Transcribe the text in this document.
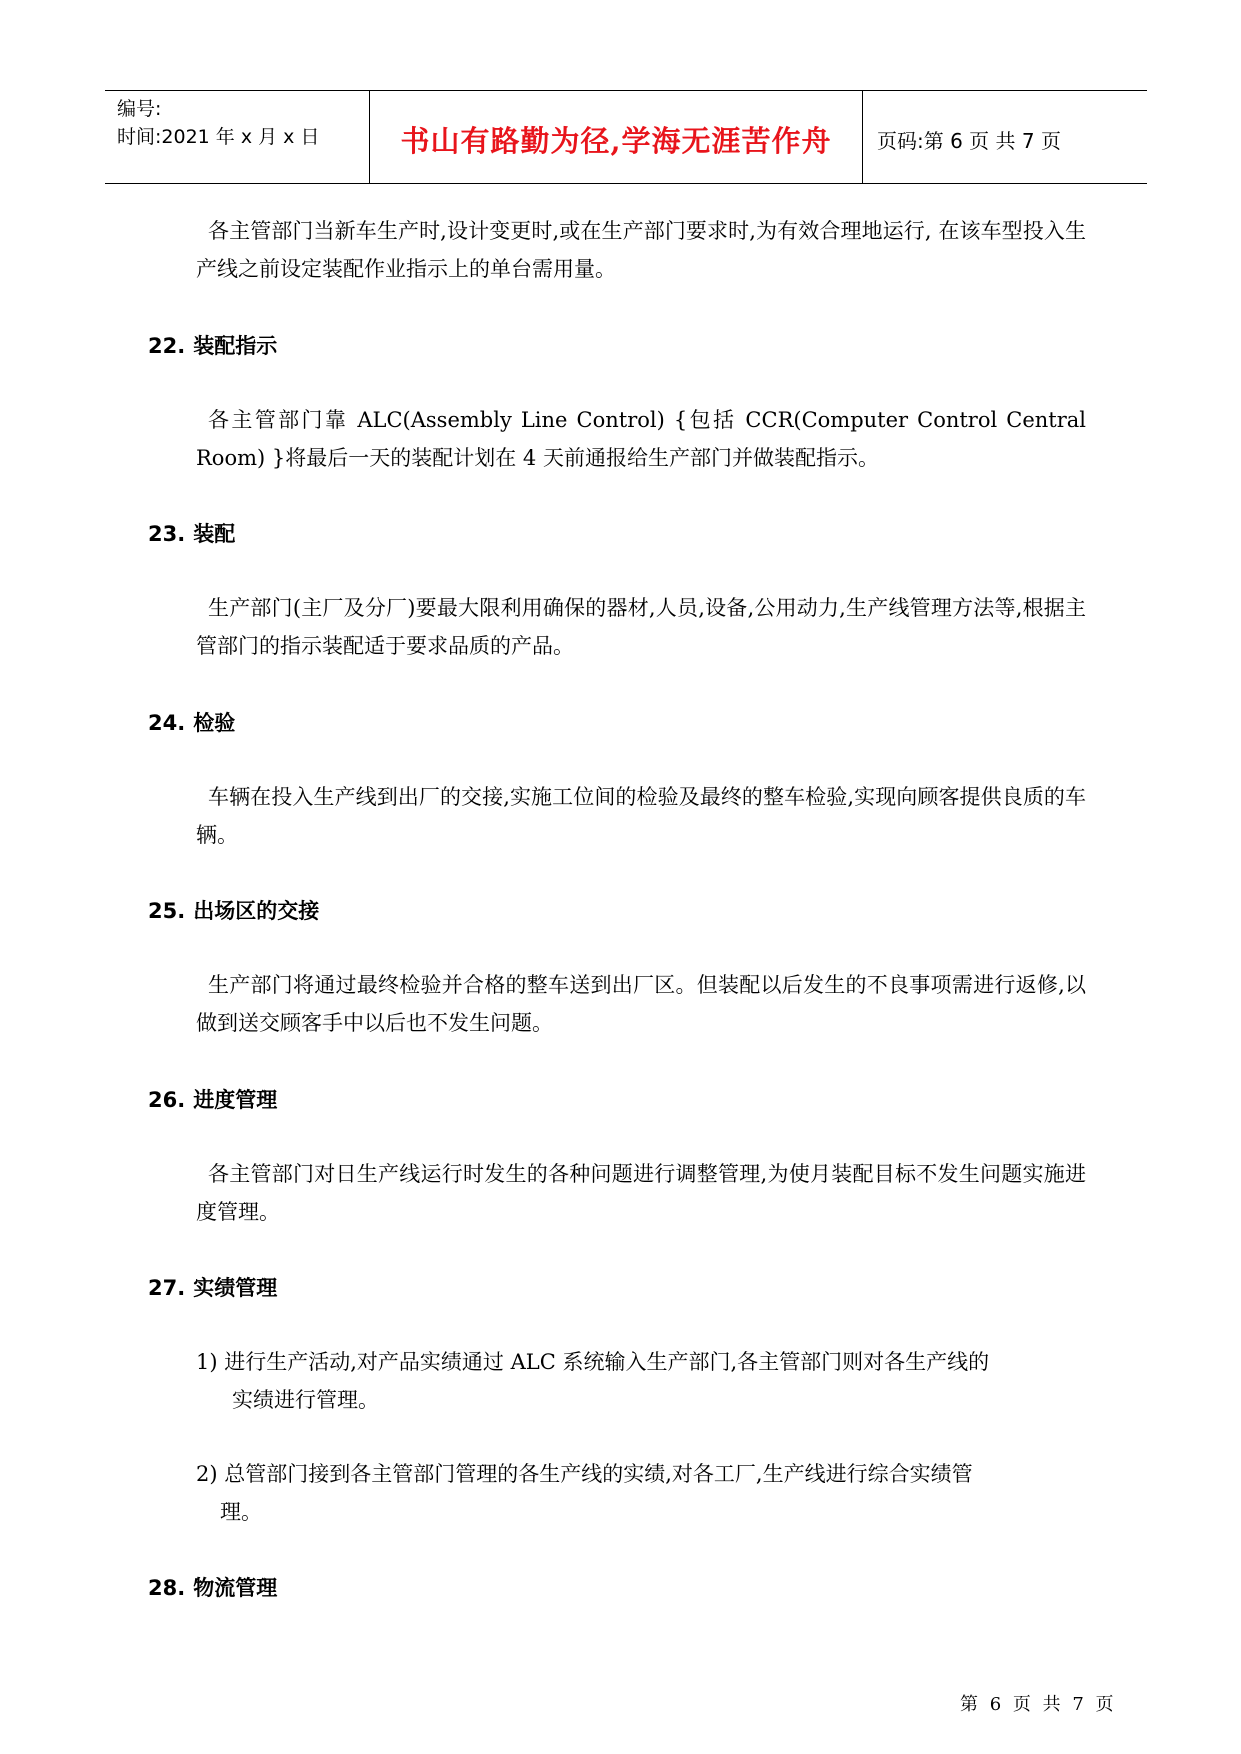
编号:
时间:2021 年 x 月 x 日	书山有路勤为径,学海无涯苦作舟	页码:第 6 页 共 7 页

各主管部门当新车生产时,设计变更时,或在生产部门要求时,为有效合理地运行, 在该车型投入生产线之前设定装配作业指示上的单台需用量。

22. 装配指示

各主管部门靠 ALC(Assembly Line Control) {包括 CCR(Computer Control Central Room) }将最后一天的装配计划在 4 天前通报给生产部门并做装配指示。

23. 装配

生产部门(主厂及分厂)要最大限利用确保的器材,人员,设备,公用动力,生产线管理方法等,根据主管部门的指示装配适于要求品质的产品。

24. 检验

车辆在投入生产线到出厂的交接,实施工位间的检验及最终的整车检验,实现向顾客提供良质的车辆。

25. 出场区的交接

生产部门将通过最终检验并合格的整车送到出厂区。但装配以后发生的不良事项需进行返修,以做到送交顾客手中以后也不发生问题。

26. 进度管理

各主管部门对日生产线运行时发生的各种问题进行调整管理,为使月装配目标不发生问题实施进度管理。

27. 实绩管理

1) 进行生产活动,对产品实绩通过 ALC 系统输入生产部门,各主管部门则对各生产线的
实绩进行管理。

2) 总管部门接到各主管部门管理的各生产线的实绩,对各工厂,生产线进行综合实绩管
理。

28. 物流管理
第 6 页 共 7 页
